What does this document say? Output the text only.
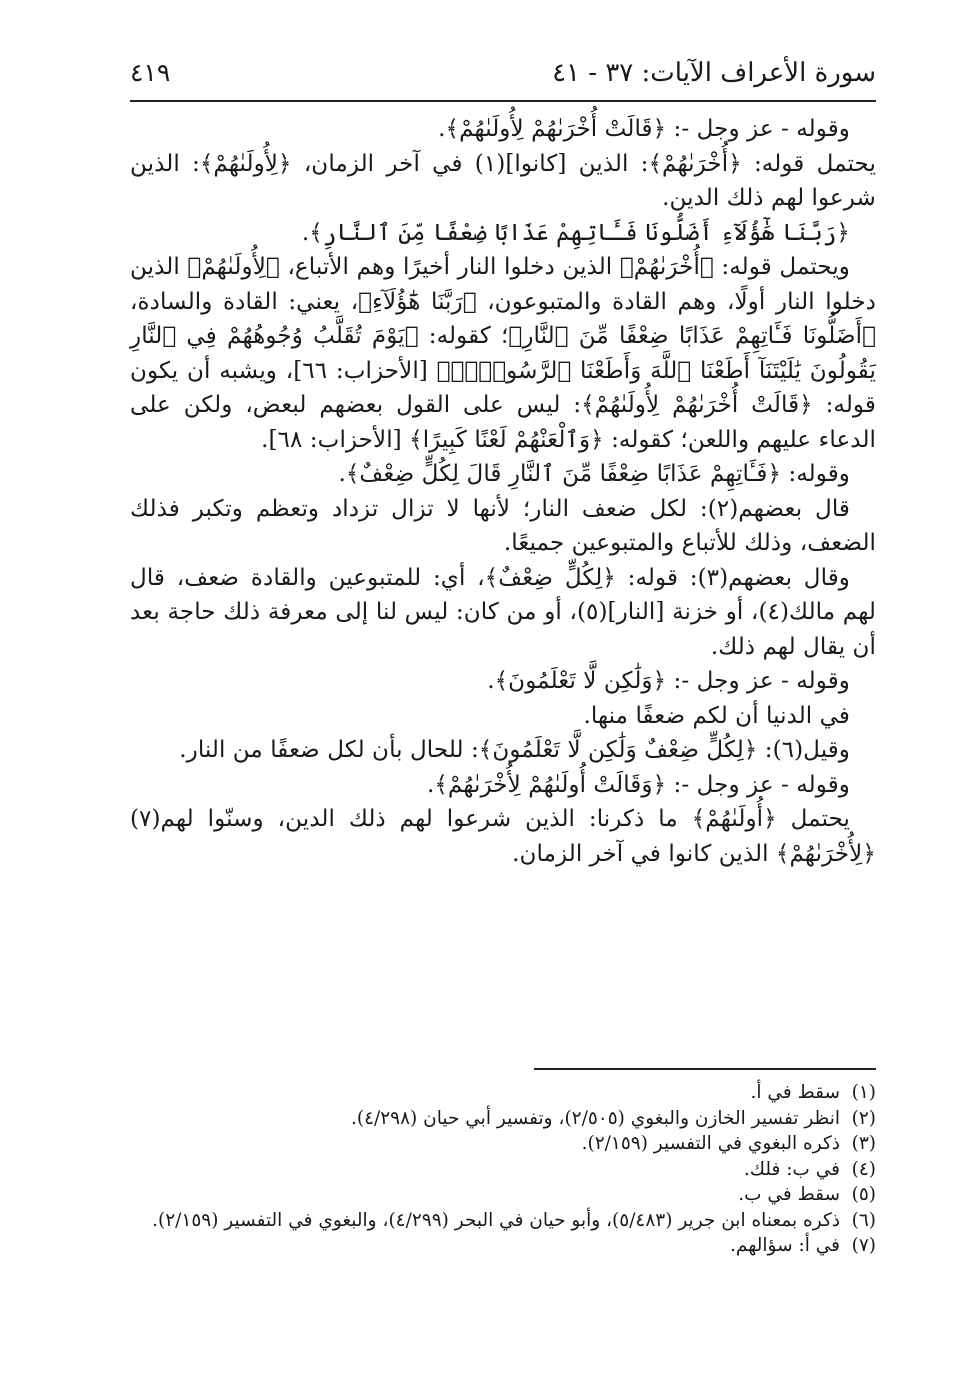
سورة الأعراف الآيات: ٣٧ - ٤١
٤١٩

وقوله - عز وجل -: ﴿قَالَتْ أُخْرَىٰهُمْ لِأُولَىٰهُمْ﴾.

يحتمل قوله: ﴿أُخْرَىٰهُمْ﴾: الذين [كانوا](١) في آخر الزمان، ﴿لِأُولَىٰهُمْ﴾: الذين شرعوا لهم ذلك الدين.

﴿رَبَّنَا هَٰٓؤُلَآءِ أَضَلُّونَا فَـَٔاتِهِمْ عَذَابًا ضِعْفًا مِّنَ ٱلنَّارِ﴾.

ويحتمل قوله: ﴿أُخْرَىٰهُمْ﴾ الذين دخلوا النار أخيرًا وهم الأتباع، ﴿لِأُولَىٰهُمْ﴾ الذين دخلوا النار أولًا، وهم القادة والمتبوعون، ﴿رَبَّنَا هَٰٓؤُلَآءِ﴾، يعني: القادة والسادة، ﴿أَضَلُّونَا فَـَٔاتِهِمْ عَذَابًا ضِعْفًا مِّنَ ٱلنَّارِ﴾؛ كقوله: ﴿يَوْمَ تُقَلَّبُ وُجُوهُهُمْ فِي ٱلنَّارِ يَقُولُونَ يَٰلَيْتَنَآ أَطَعْنَا ٱللَّهَ وَأَطَعْنَا ٱلرَّسُولَا۠﴾ [الأحزاب: ٦٦]، ويشبه أن يكون قوله: ﴿قَالَتْ أُخْرَىٰهُمْ لِأُولَىٰهُمْ﴾: ليس على القول بعضهم لبعض، ولكن على الدعاء عليهم واللعن؛ كقوله: ﴿وَٱلْعَنْهُمْ لَعْنًا كَبِيرًا﴾ [الأحزاب: ٦٨].

وقوله: ﴿فَـَٔاتِهِمْ عَذَابًا ضِعْفًا مِّنَ ٱلنَّارِ قَالَ لِكُلٍّ ضِعْفٌ﴾.

قال بعضهم(٢): لكل ضعف النار؛ لأنها لا تزال تزداد وتعظم وتكبر فذلك الضعف، وذلك للأتباع والمتبوعين جميعًا.

وقال بعضهم(٣): قوله: ﴿لِكُلٍّ ضِعْفٌ﴾، أي: للمتبوعين والقادة ضعف، قال لهم مالك(٤)، أو خزنة [النار](٥)، أو من كان: ليس لنا إلى معرفة ذلك حاجة بعد أن يقال لهم ذلك.

وقوله - عز وجل -: ﴿وَلَٰكِن لَّا تَعْلَمُونَ﴾.

في الدنيا أن لكم ضعفًا منها.

وقيل(٦): ﴿لِكُلٍّ ضِعْفٌ وَلَٰكِن لَّا تَعْلَمُونَ﴾: للحال بأن لكل ضعفًا من النار.

وقوله - عز وجل -: ﴿وَقَالَتْ أُولَىٰهُمْ لِأُخْرَىٰهُمْ﴾.

يحتمل ﴿أُولَىٰهُمْ﴾ ما ذكرنا: الذين شرعوا لهم ذلك الدين، وسنّوا لهم(٧) ﴿لِأُخْرَىٰهُمْ﴾ الذين كانوا في آخر الزمان.

(١)سقط في أ.
(٢)انظر تفسير الخازن والبغوي (٢/٥٠٥)، وتفسير أبي حيان (٤/٢٩٨).
(٣)ذكره البغوي في التفسير (٢/١٥٩).
(٤)في ب: فلك.
(٥)سقط في ب.
(٦)ذكره بمعناه ابن جرير (٥/٤٨٣)، وأبو حيان في البحر (٤/٢٩٩)، والبغوي في التفسير (٢/١٥٩).
(٧)في أ: سؤالهم.
